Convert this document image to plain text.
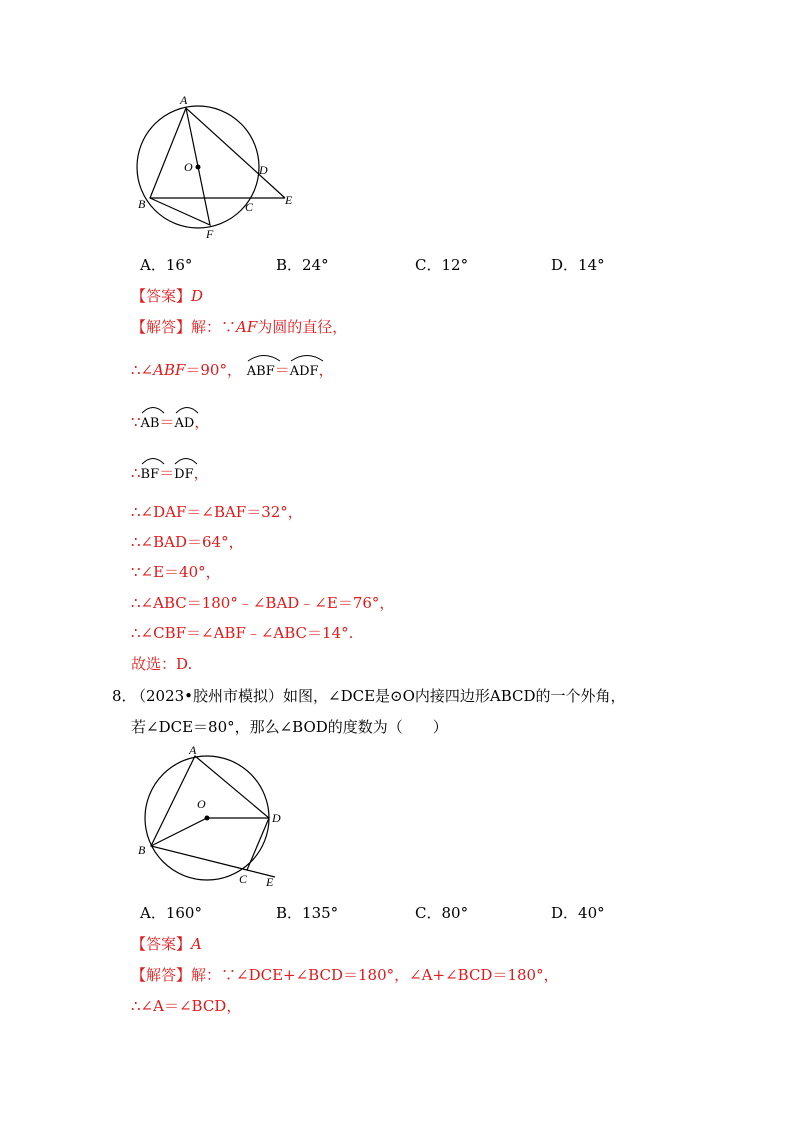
A
O	D
B	C	E
F
A．16°	B．24°	C．12°	D．14°
【答案】D
【解答】解：∵AF为圆的直径，
∴∠ABF＝90°， ABF＝
ADF，
∵
AB＝
AD，
∴
BF＝
DF，
∴∠DAF＝∠BAF＝32°，
∴∠BAD＝64°，
∵∠E＝40°，
∴∠ABC＝180°﹣∠BAD﹣∠E＝76°，
∴∠CBF＝∠ABF﹣∠ABC＝14°.
故选：D.
8．
（2023•胶州市模拟）如图，∠DCE是⊙O内接四边形ABCD的一个外角，
若∠DCE＝80°，那么∠BOD的度数为（　　）
A
O
D
B
C E
A．160°	B．135°	C．80°	D．40°
【答案】A
【解答】解：∵∠DCE+∠BCD＝180°，∠A+∠BCD＝180°，
∴∠A＝∠BCD，
